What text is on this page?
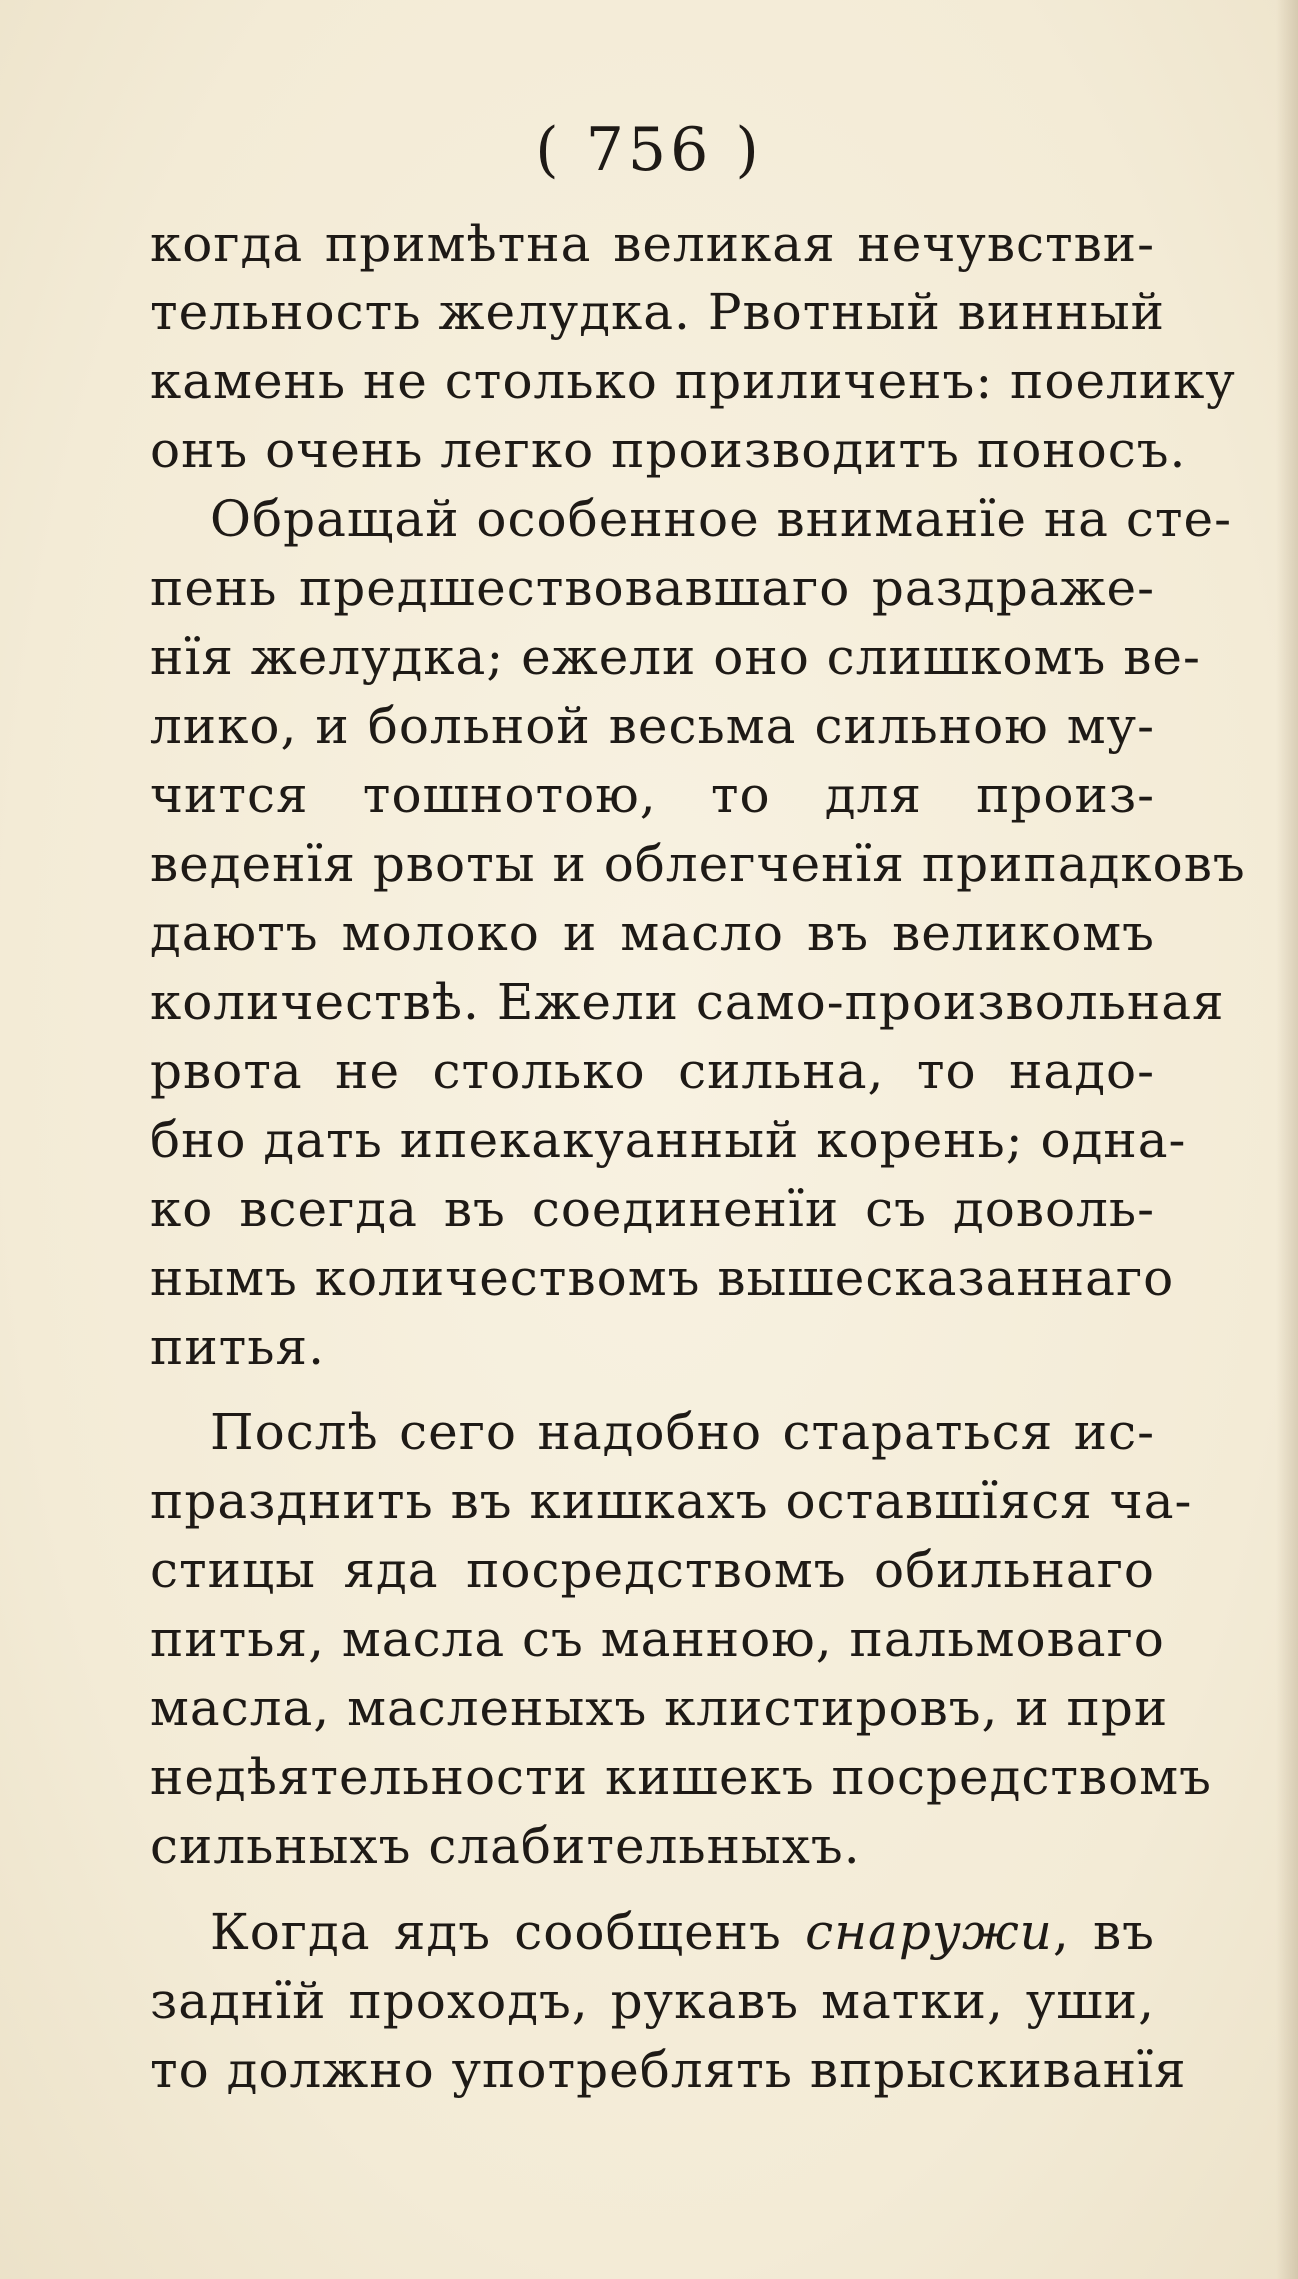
( 756 )
когда примѣтна великая нечувстви-
тельность желудка. Рвотный винный
камень не столько приличенъ: поелику
онъ очень легко производитъ поносъ.
Обращай особенное вниманїе на сте-
пень предшествовавшаго раздраже-
нїя желудка; ежели оно слишкомъ ве-
лико, и больной весьма сильною му-
чится тошнотою, то для произ-
веденїя рвоты и облегченїя припадковъ
даютъ молоко и масло въ великомъ
количествѣ. Ежели само-произвольная
рвота не столько сильна, то надо-
бно дать ипекакуанный корень; одна-
ко всегда въ соединенїи съ доволь-
нымъ количествомъ вышесказаннаго
питья.
Послѣ сего надобно стараться ис-
празднить въ кишкахъ оставшїяся ча-
стицы яда посредствомъ обильнаго
питья, масла съ манною, пальмоваго
масла, масленыхъ клистировъ, и при
недѣятельности кишекъ посредствомъ
сильныхъ слабительныхъ.
Когда ядъ сообщенъ снаружи, въ
заднїй проходъ, рукавъ матки, уши,
то должно употреблять впрыскиванїя
